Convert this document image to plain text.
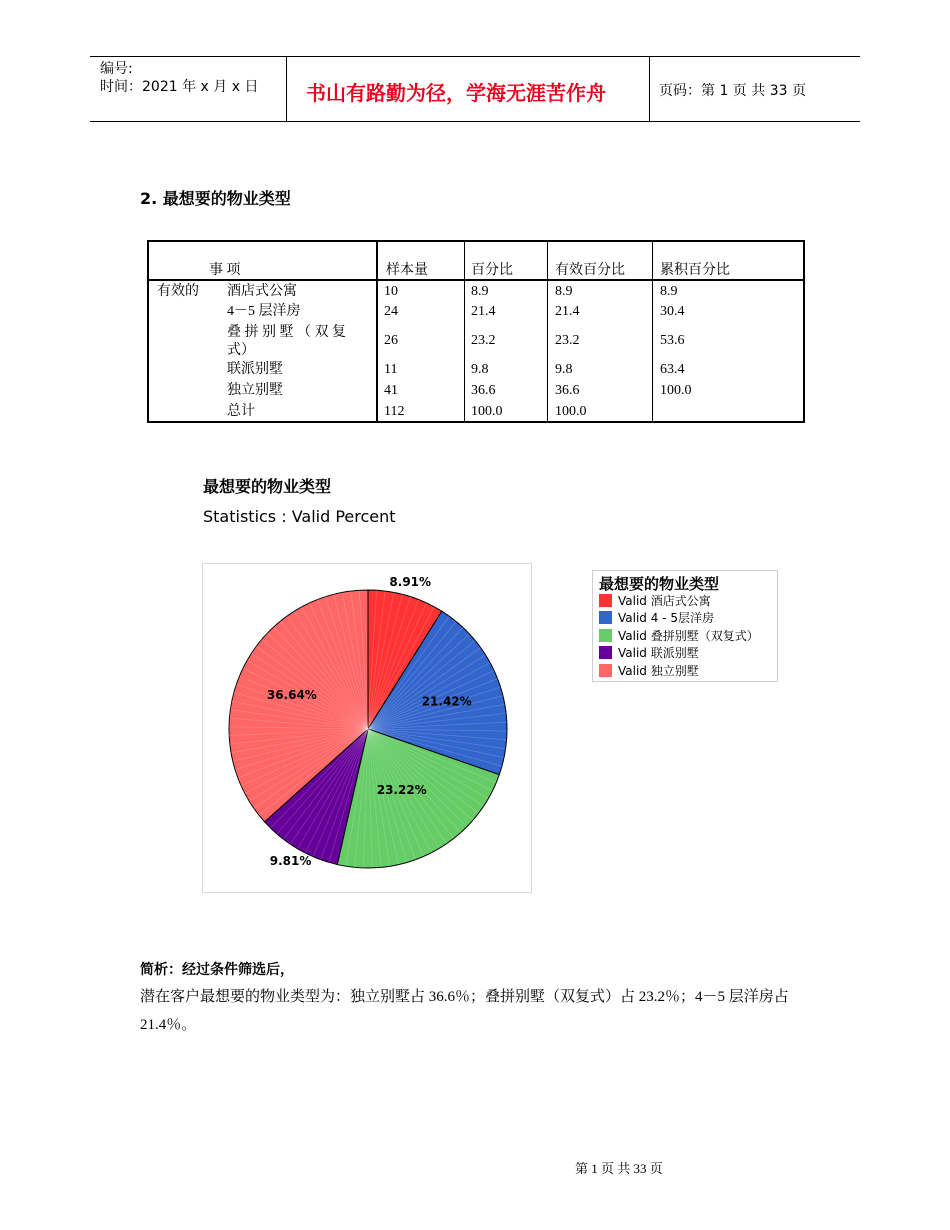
编号:
时间：2021 年 x 月 x 日 书山有路勤为径，学海无涯苦作舟	页码：第 1 页 共 33 页
2. 最想要的物业类型
事 项	样本量	百分比	有效百分比	累积百分比
有效的 酒店式公寓	10	8.9	8.9	8.9
4－5 层洋房	24	21.4	21.4	30.4
叠 拼 别 墅 （ 双 复
式）
26	23.2	23.2	53.6
联派别墅	11	9.8	9.8	63.4
独立别墅	41	36.6	36.6	100.0
总计	112	100.0	100.0
最想要的物业类型
Statistics : Valid Percent
8.91%
21.42%
23.22%
9.81%
36.64%
最想要的物业类型
Valid 酒店式公寓
Valid 4 - 5层洋房
Valid 叠拼别墅（双复式）
Valid 联派别墅
Valid 独立别墅
简析：经过条件筛选后，
潜在客户最想要的物业类型为：独立别墅占 36.6％；叠拼别墅（双复式）占 23.2％；4－5 层洋房占 21.4％。
第 1 页 共 33 页
